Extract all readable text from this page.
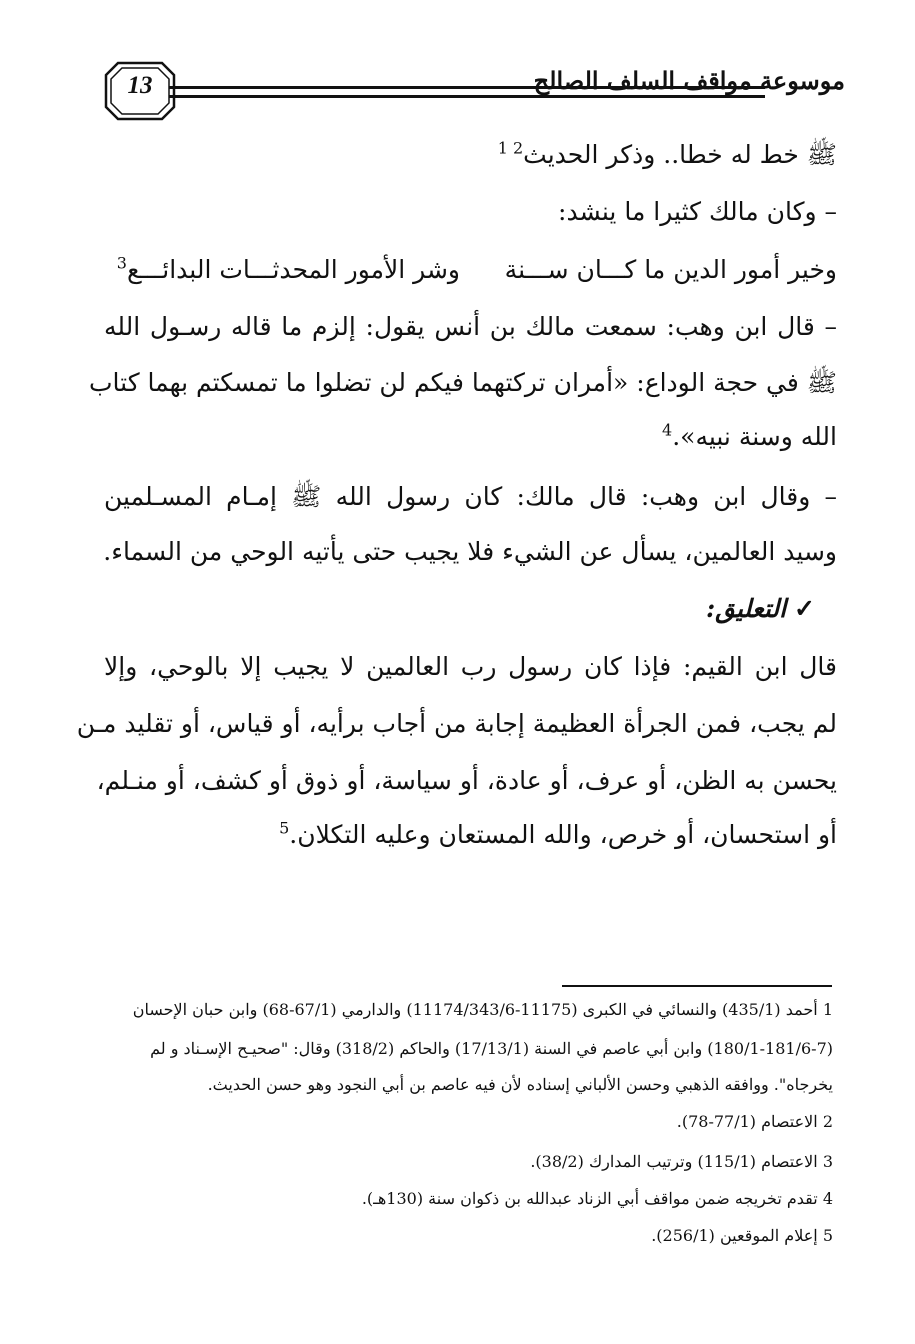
13	موسوعة مواقف السلف الصالح
ﷺ خط له خطا.. وذكر الحديث$^{2 1}$
– وكان مالك كثيرا ما ينشد:
وخير أمور الدين ما كـــان ســـنة
وشر الأمور المحدثـــات البدائـــع$^3$
– قال ابن وهب: سمعت مالك بن أنس يقول: إلزم ما قاله رسـول الله
ﷺ في حجة الوداع: «أمران تركتهما فيكم لن تضلوا ما تمسكتم بهما كتاب
الله وسنة نبيه».$^4$
– وقال ابن وهب: قال مالك: كان رسول الله ﷺ إمـام المسـلمين
وسيد العالمين، يسأل عن الشيء فلا يجيب حتى يأتيه الوحي من السماء.
✓التعليق:
قال ابن القيم: فإذا كان رسول رب العالمين لا يجيب إلا بالوحي، وإلا
لم يجب، فمن الجرأة العظيمة إجابة من أجاب برأيه، أو قياس، أو تقليد مـن
يحسن به الظن، أو عرف، أو عادة، أو سياسة، أو ذوق أو كشف، أو منـلم،
أو استحسان، أو خرص، والله المستعان وعليه التكلان.$^5$
1 أحمد (435/1) والنسائي في الكبرى (11175-11174/343/6) والدارمي (67/1-68) وابن حبان الإحسان
(180/1-181/6-7) وابن أبي عاصم في السنة (17/13/1) والحاكم (318/2) وقال: "صحيـح الإسـناد و لم
يخرجاه". ووافقه الذهبي وحسن الألباني إسناده لأن فيه عاصم بن أبي النجود وهو حسن الحديث.
2 الاعتصام (77/1-78).
3 الاعتصام (115/1) وترتيب المدارك (38/2).
4 تقدم تخريجه ضمن مواقف أبي الزناد عبدالله بن ذكوان سنة (130هـ).
5 إعلام الموقعين (256/1).
